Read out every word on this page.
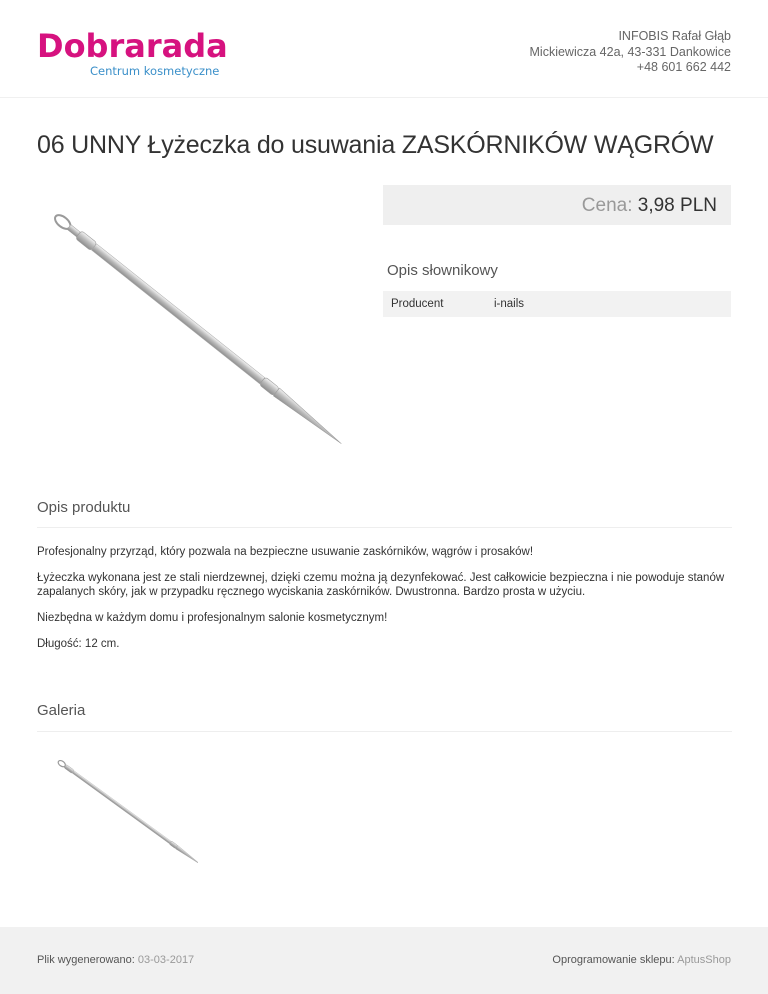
Dobrarada
Centrum kosmetyczne
INFOBIS Rafał Głąb
Mickiewicza 42a, 43-331 Dankowice
+48 601 662 442
06 UNNY Łyżeczka do usuwania ZASKÓRNIKÓW WĄGRÓW
Cena: 3,98 PLN
Opis słownikowy
Producent	i-nails
Opis produktu

Profesjonalny przyrząd, który pozwala na bezpieczne usuwanie zaskórników, wągrów i prosaków!

Łyżeczka wykonana jest ze stali nierdzewnej, dzięki czemu można ją dezynfekować. Jest całkowicie bezpieczna i nie powoduje stanów zapalanych skóry, jak w przypadku ręcznego wyciskania zaskórników. Dwustronna. Bardzo prosta w użyciu.

Niezbędna w każdym domu i profesjonalnym salonie kosmetycznym!

Długość: 12 cm.

Galeria
Plik wygenerowano: 03-03-2017	Oprogramowanie sklepu: AptusShop
